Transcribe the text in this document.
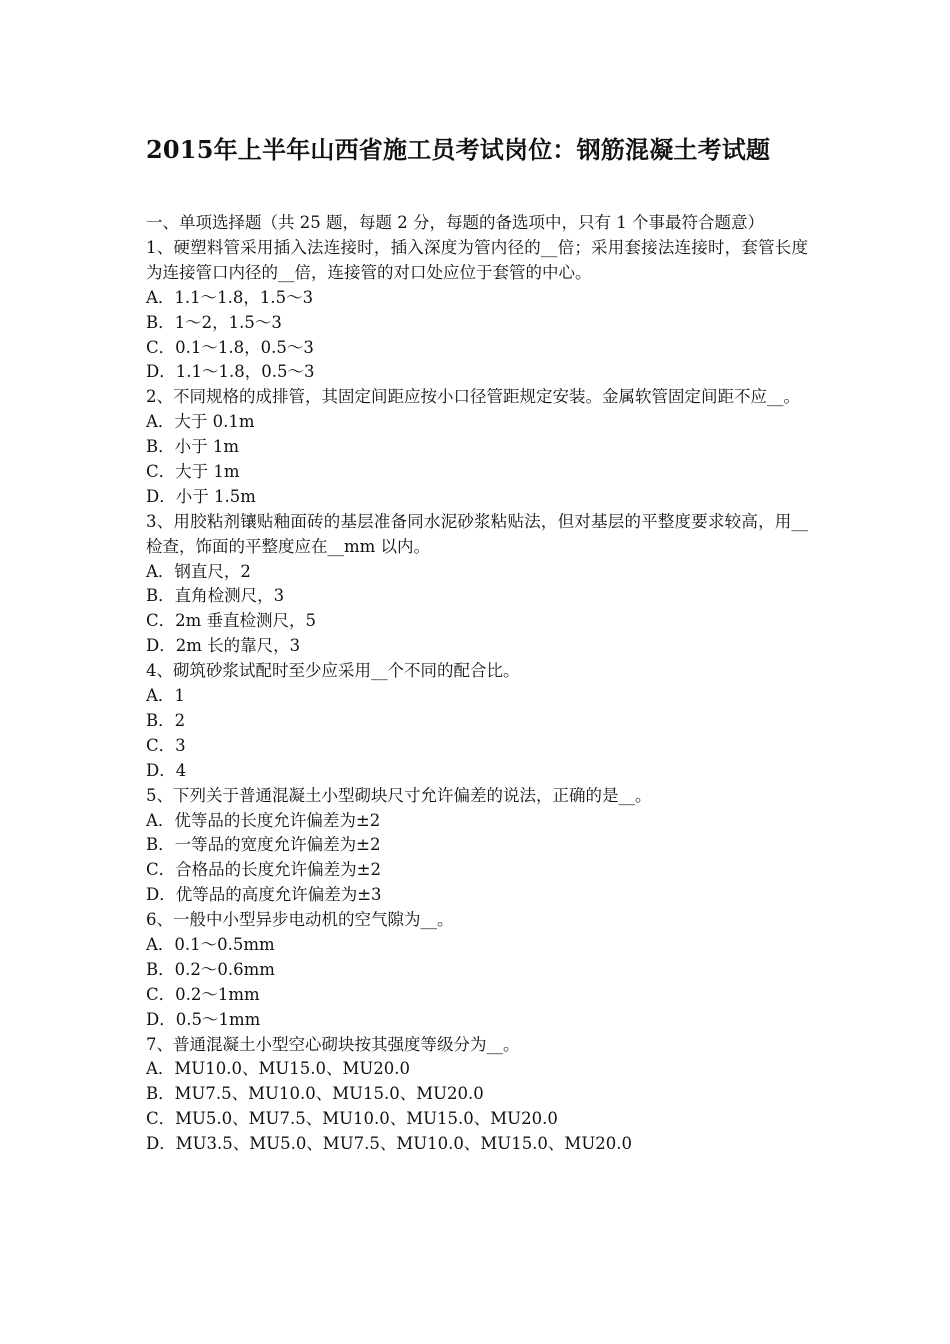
2015年上半年山西省施工员考试岗位：钢筋混凝土考试题
一、单项选择题（共 25 题，每题 2 分，每题的备选项中，只有 1 个事最符合题意）
1、硬塑料管采用插入法连接时，插入深度为管内径的__倍；采用套接法连接时，套管长度为连接管口内径的__倍，连接管的对口处应位于套管的中心。
A．1.1～1.8，1.5～3
B．1～2，1.5～3
C．0.1～1.8，0.5～3
D．1.1～1.8，0.5～3
2、不同规格的成排管，其固定间距应按小口径管距规定安装。金属软管固定间距不应__。
A．大于 0.1m
B．小于 1m
C．大于 1m
D．小于 1.5m
3、用胶粘剂镶贴釉面砖的基层准备同水泥砂浆粘贴法，但对基层的平整度要求较高，用__检查，饰面的平整度应在__mm 以内。
A．钢直尺，2
B．直角检测尺，3
C．2m 垂直检测尺，5
D．2m 长的靠尺，3
4、砌筑砂浆试配时至少应采用__个不同的配合比。
A．1
B．2
C．3
D．4
5、下列关于普通混凝土小型砌块尺寸允许偏差的说法，正确的是__。
A．优等品的长度允许偏差为±2
B．一等品的宽度允许偏差为±2
C．合格品的长度允许偏差为±2
D．优等品的高度允许偏差为±3
6、一般中小型异步电动机的空气隙为__。
A．0.1～0.5mm
B．0.2～0.6mm
C．0.2～1mm
D．0.5～1mm
7、普通混凝土小型空心砌块按其强度等级分为__。
A．MU10.0、MU15.0、MU20.0
B．MU7.5、MU10.0、MU15.0、MU20.0
C．MU5.0、MU7.5、MU10.0、MU15.0、MU20.0
D．MU3.5、MU5.0、MU7.5、MU10.0、MU15.0、MU20.0
